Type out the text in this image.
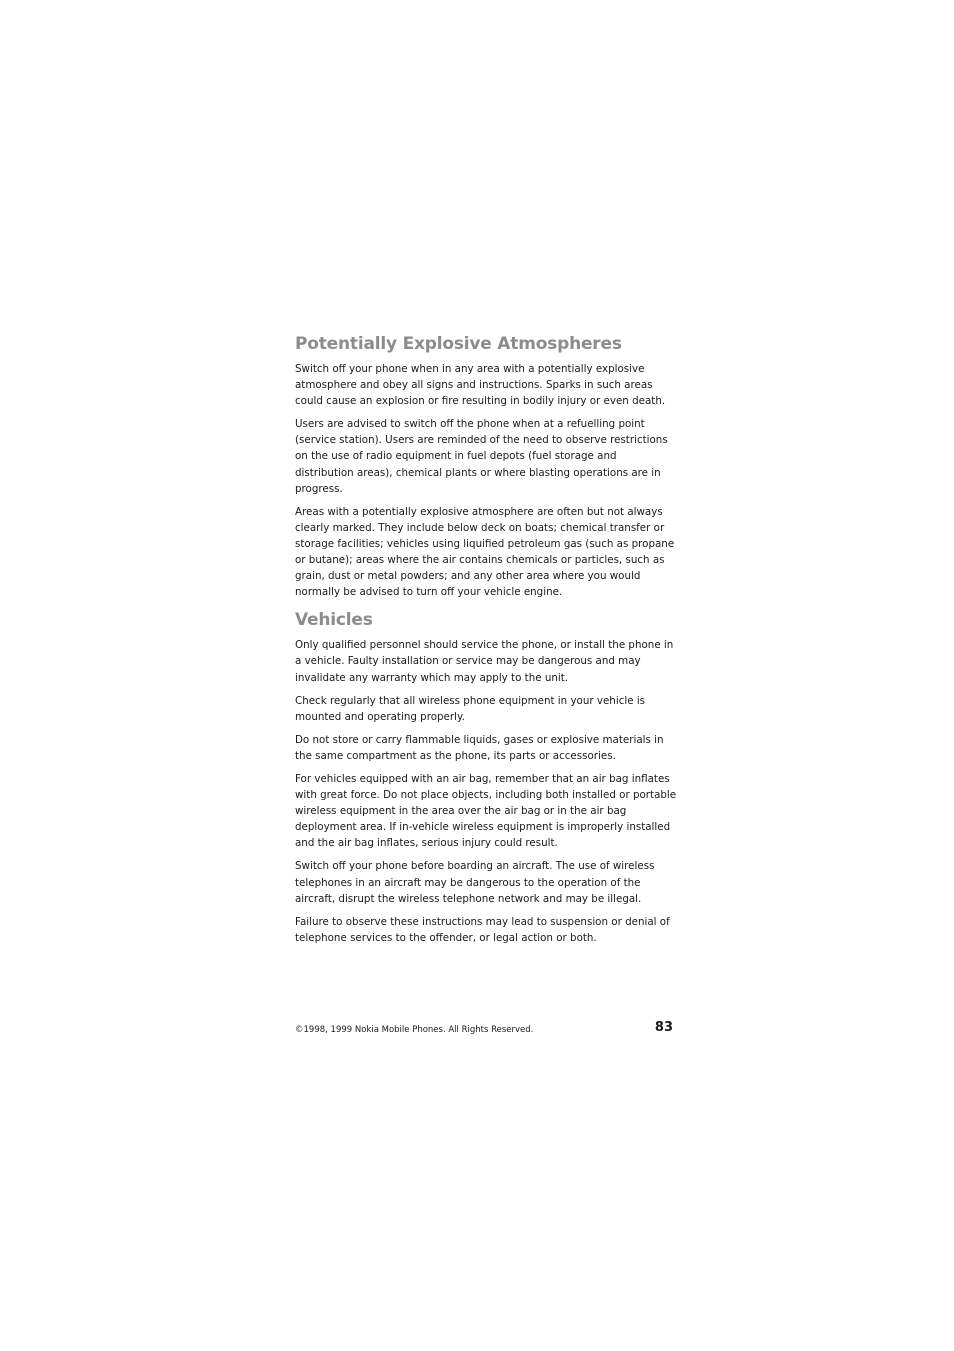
Potentially Explosive Atmospheres

Switch off your phone when in any area with a potentially explosive atmosphere and obey all signs and instructions. Sparks in such areas could cause an explosion or fire resulting in bodily injury or even death.

Users are advised to switch off the phone when at a refuelling point (service station). Users are reminded of the need to observe restrictions on the use of radio equipment in fuel depots (fuel storage and distribution areas), chemical plants or where blasting operations are in progress.

Areas with a potentially explosive atmosphere are often but not always clearly marked. They include below deck on boats; chemical transfer or storage facilities; vehicles using liquified petroleum gas (such as propane or butane); areas where the air contains chemicals or particles, such as grain, dust or metal powders; and any other area where you would normally be advised to turn off your vehicle engine.

Vehicles

Only qualified personnel should service the phone, or install the phone in a vehicle. Faulty installation or service may be dangerous and may invalidate any warranty which may apply to the unit.

Check regularly that all wireless phone equipment in your vehicle is mounted and operating properly.

Do not store or carry flammable liquids, gases or explosive materials in the same compartment as the phone, its parts or accessories.

For vehicles equipped with an air bag, remember that an air bag inflates with great force. Do not place objects, including both installed or portable wireless equipment in the area over the air bag or in the air bag deployment area. If in-vehicle wireless equipment is improperly installed and the air bag inflates, serious injury could result.

Switch off your phone before boarding an aircraft. The use of wireless telephones in an aircraft may be dangerous to the operation of the aircraft, disrupt the wireless telephone network and may be illegal.

Failure to observe these instructions may lead to suspension or denial of telephone services to the offender, or legal action or both.

©1998, 1999 Nokia Mobile Phones. All Rights Reserved.	83
